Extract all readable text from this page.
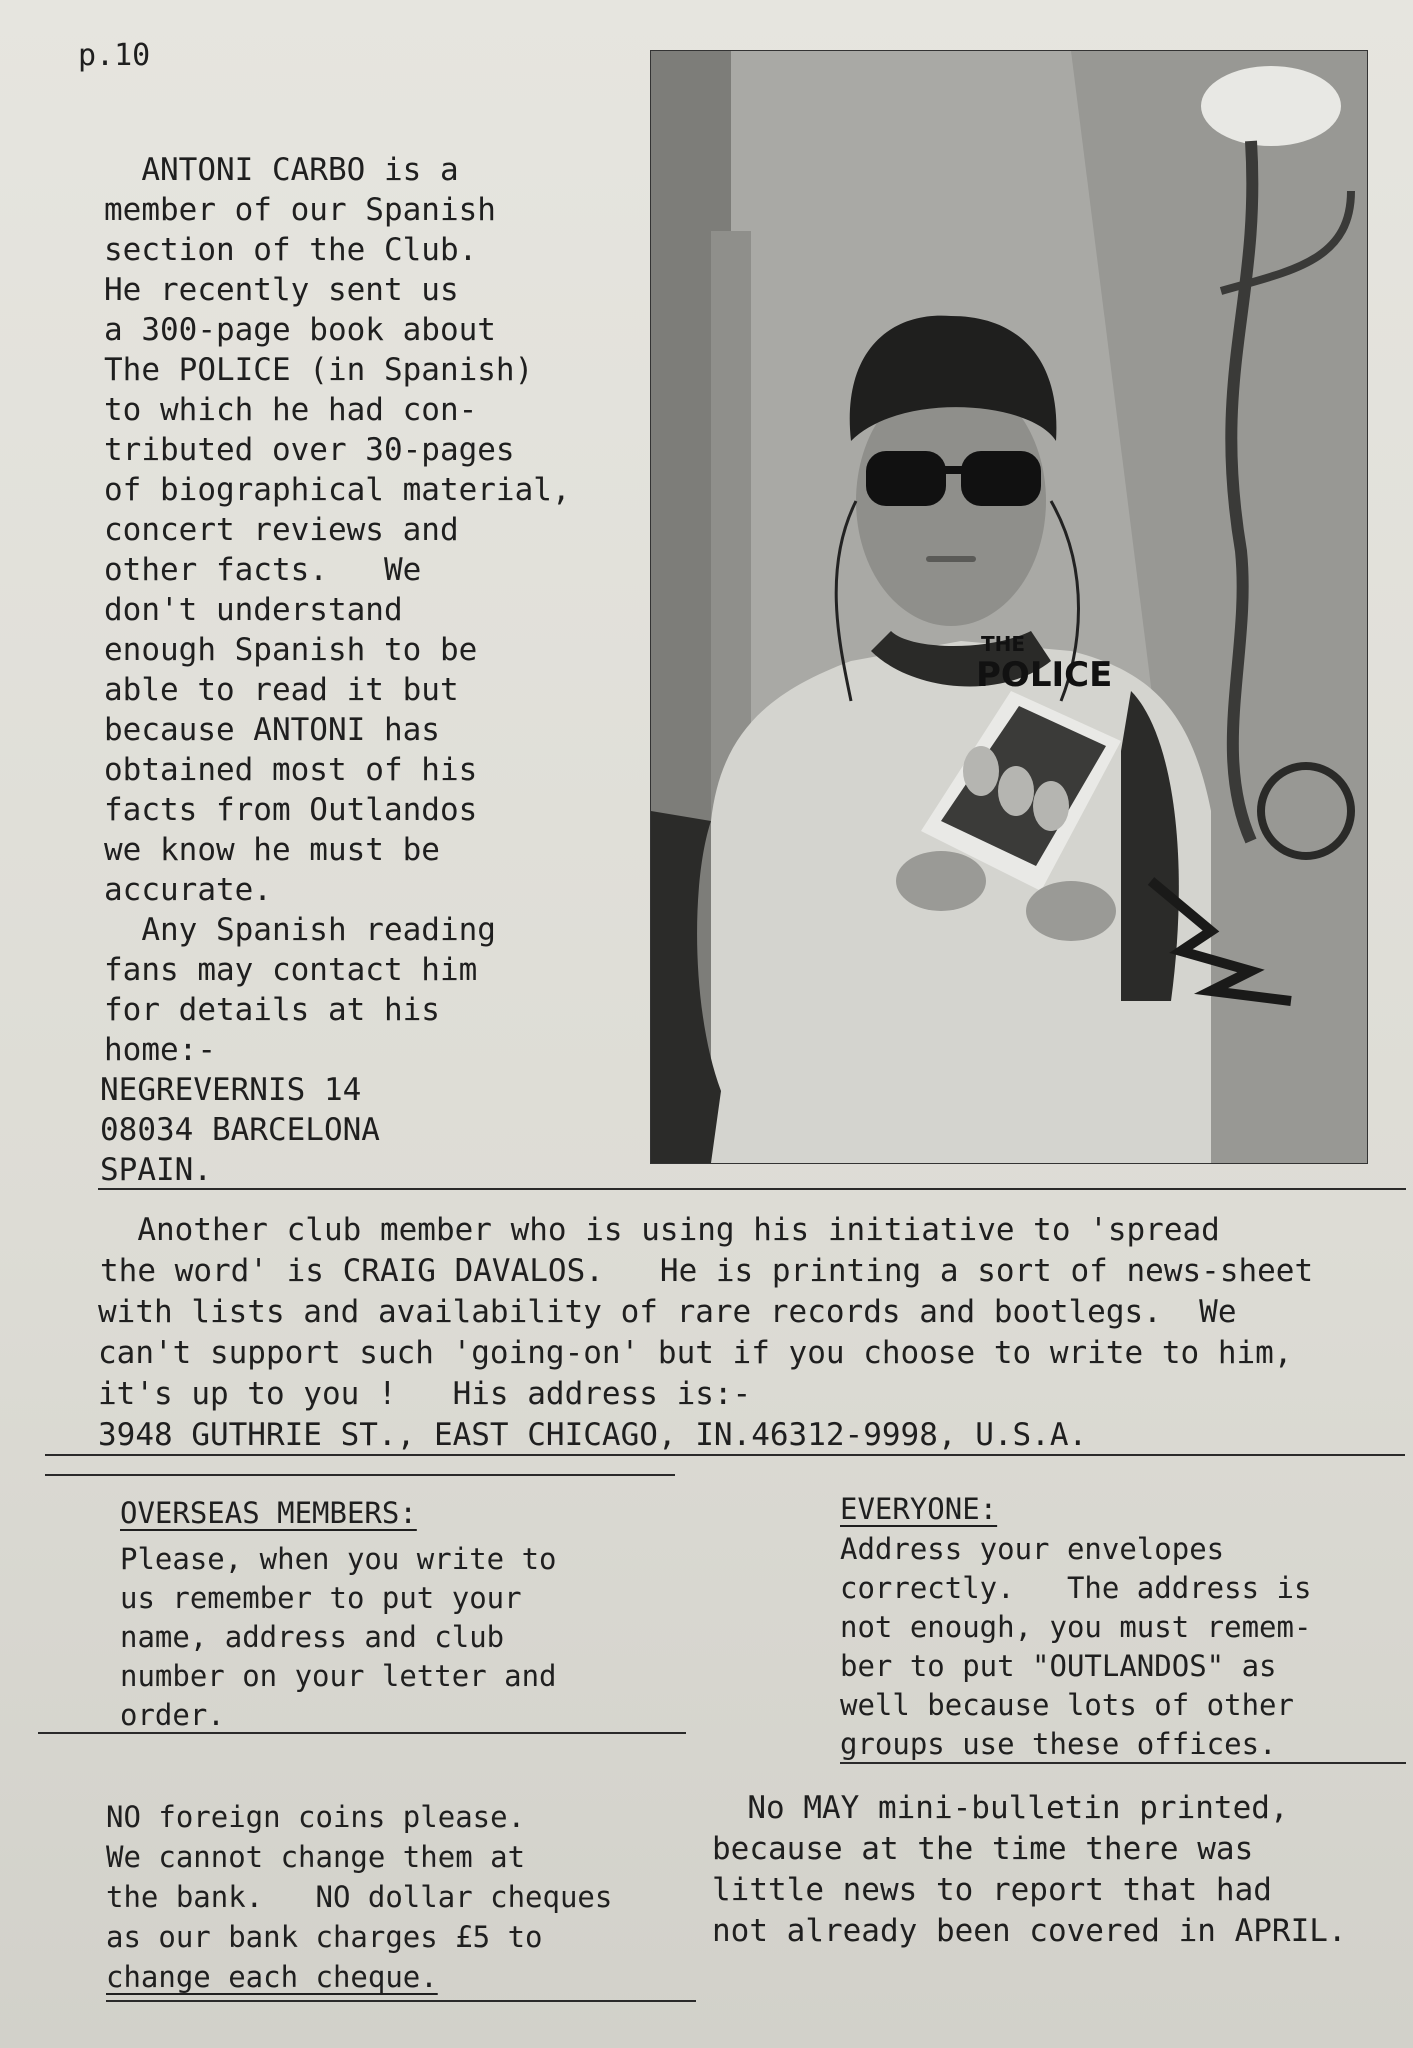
p.10
ANTONI CARBO is a
member of our Spanish
section of the Club.
He recently sent us
a 300-page book about
The POLICE (in Spanish)
to which he had con-
tributed over 30-pages
of biographical material,
concert reviews and
other facts.   We
don't understand
enough Spanish to be
able to read it but
because ANTONI has
obtained most of his
facts from Outlandos
we know he must be
accurate.
Any Spanish reading
fans may contact him
for details at his
home:-
NEGREVERNIS 14
08034 BARCELONA
SPAIN.
THE
POLICE
Another club member who is using his initiative to 'spread
the word' is CRAIG DAVALOS.   He is printing a sort of news-sheet
with lists and availability of rare records and bootlegs.  We
can't support such 'going-on' but if you choose to write to him,
it's up to you !   His address is:-
3948 GUTHRIE ST., EAST CHICAGO, IN.46312-9998, U.S.A.
OVERSEAS MEMBERS:
Please, when you write to
us remember to put your
name, address and club
number on your letter and
order.
EVERYONE:
Address your envelopes
correctly.   The address is
not enough, you must remem-
ber to put "OUTLANDOS" as
well because lots of other
groups use these offices.
NO foreign coins please.
We cannot change them at
the bank.   NO dollar cheques
as our bank charges £5 to
change each cheque.
No MAY mini-bulletin printed,
because at the time there was
little news to report that had
not already been covered in APRIL.
